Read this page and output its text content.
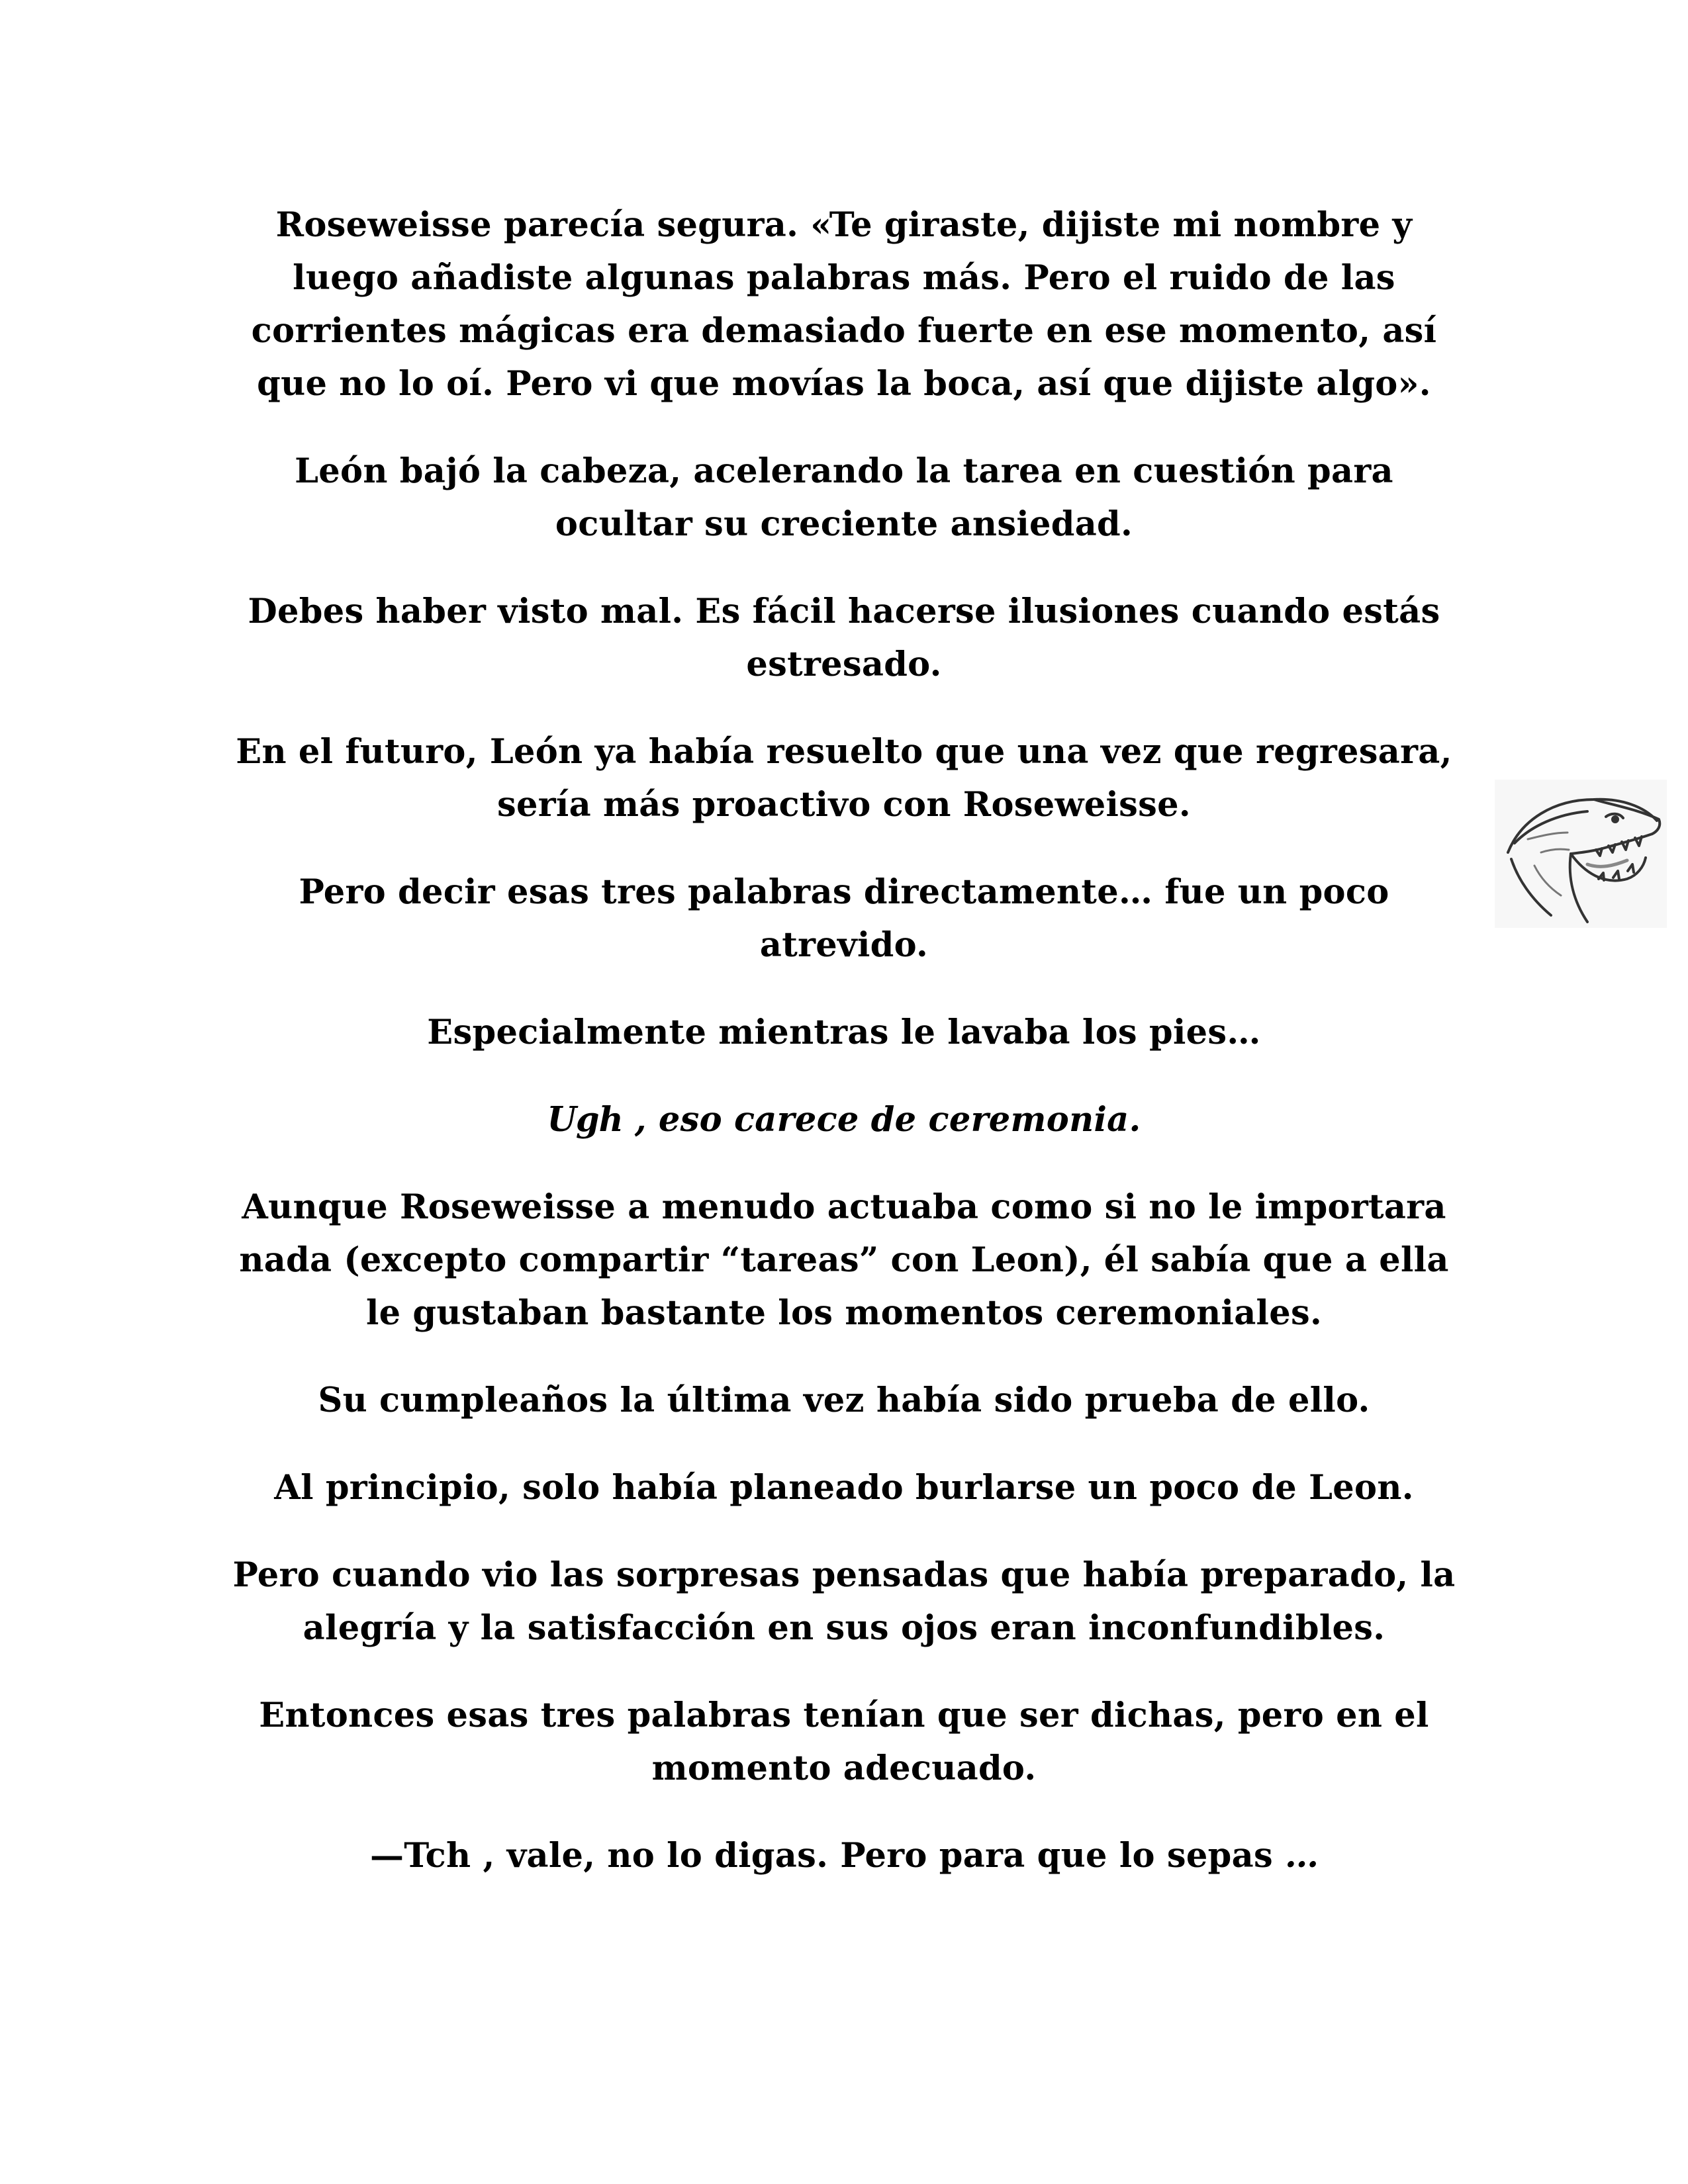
Roseweisse parecía segura. «Te giraste, dijiste mi nombre y luego añadiste algunas palabras más. Pero el ruido de las corrientes mágicas era demasiado fuerte en ese momento, así que no lo oí. Pero vi que movías la boca, así que dijiste algo».

León bajó la cabeza, acelerando la tarea en cuestión para ocultar su creciente ansiedad.

Debes haber visto mal. Es fácil hacerse ilusiones cuando estás estresado.

En el futuro, León ya había resuelto que una vez que regresara, sería más proactivo con Roseweisse.

Pero decir esas tres palabras directamente… fue un poco atrevido.

Especialmente mientras le lavaba los pies…

Ugh , eso carece de ceremonia.

Aunque Roseweisse a menudo actuaba como si no le importara nada (excepto compartir “tareas” con Leon), él sabía que a ella le gustaban bastante los momentos ceremoniales.

Su cumpleaños la última vez había sido prueba de ello.

Al principio, solo había planeado burlarse un poco de Leon.

Pero cuando vio las sorpresas pensadas que había preparado, la alegría y la satisfacción en sus ojos eran inconfundibles.

Entonces esas tres palabras tenían que ser dichas, pero en el momento adecuado.

—Tch , vale, no lo digas. Pero para que lo sepas …
